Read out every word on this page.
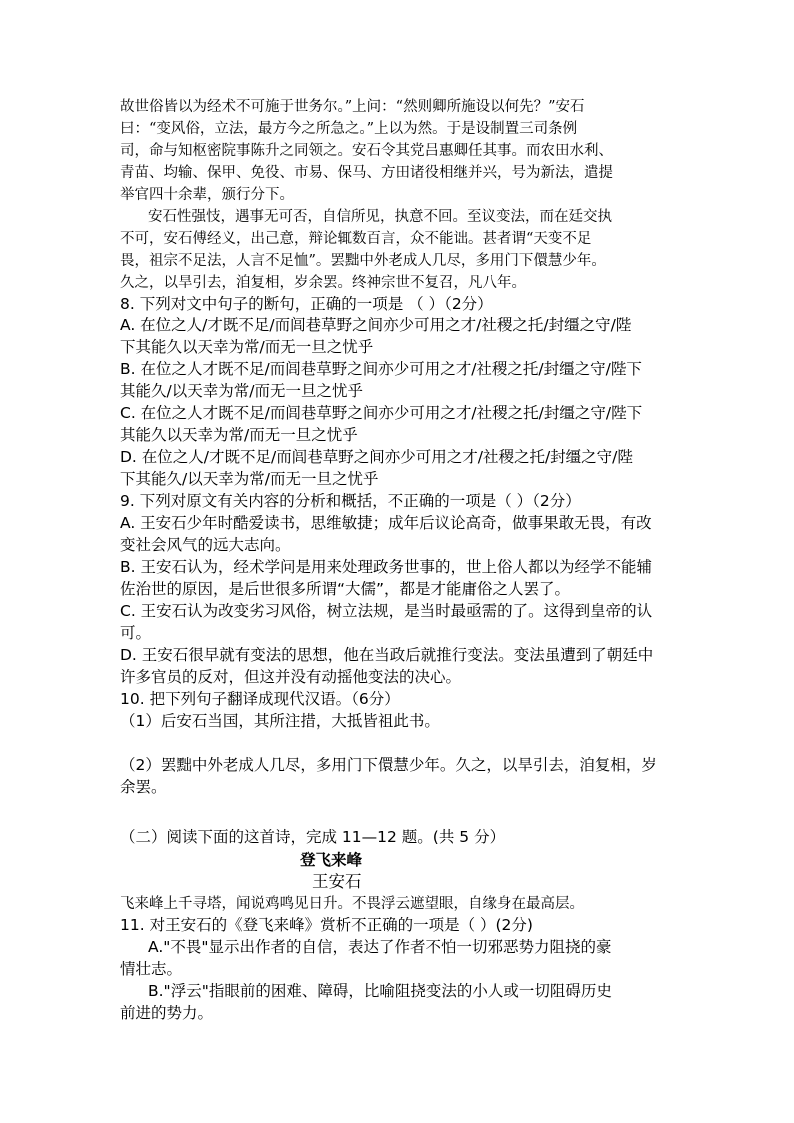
故世俗皆以为经术不可施于世务尔。”上问：“然则卿所施设以何先？”安石
曰：“变风俗，立法，最方今之所急之。”上以为然。于是设制置三司条例
司，命与知枢密院事陈升之同领之。安石令其党吕惠卿任其事。而农田水利、
青苗、均输、保甲、免役、市易、保马、方田诸役相继并兴，号为新法，遣提
举官四十余辈，颁行分下。
安石性强忮，遇事无可否，自信所见，执意不回。至议变法，而在廷交执
不可，安石傅经义，出己意，辩论辄数百言，众不能诎。甚者谓“天变不足
畏，祖宗不足法，人言不足恤”。罢黜中外老成人几尽，多用门下儇慧少年。
久之，以旱引去，洎复相，岁余罢。终神宗世不复召，凡八年。
8. 下列对文中句子的断句，正确的一项是 （ ）（2分）
A. 在位之人/才既不足/而闾巷草野之间亦少可用之才/社稷之托/封缰之守/陛
下其能久以天幸为常/而无一旦之忧乎
B. 在位之人才既不足/而闾巷草野之间亦少可用之才/社稷之托/封缰之守/陛下
其能久/以天幸为常/而无一旦之忧乎
C. 在位之人才既不足/而闾巷草野之间亦少可用之才/社稷之托/封缰之守/陛下
其能久以天幸为常/而无一旦之忧乎
D. 在位之人/才既不足/而闾巷草野之间亦少可用之才/社稷之托/封缰之守/陛
下其能久/以天幸为常/而无一旦之忧乎
9. 下列对原文有关内容的分析和概括，不正确的一项是（ ）（2分）
A. 王安石少年时酷爱读书，思维敏捷；成年后议论高奇，做事果敢无畏，有改
变社会风气的远大志向。
B. 王安石认为，经术学问是用来处理政务世事的，世上俗人都以为经学不能辅
佐治世的原因，是后世很多所谓“大儒”，都是才能庸俗之人罢了。
C. 王安石认为改变劣习风俗，树立法规，是当时最亟需的了。这得到皇帝的认
可。
D. 王安石很早就有变法的思想，他在当政后就推行变法。变法虽遭到了朝廷中
许多官员的反对，但这并没有动摇他变法的决心。
10. 把下列句子翻译成现代汉语。（6分）
（1）后安石当国，其所注措，大抵皆祖此书。
（2）罢黜中外老成人几尽，多用门下儇慧少年。久之，以旱引去，洎复相，岁
余罢。
（二）阅读下面的这首诗，完成 11—12 题。(共 5 分）
登飞来峰
王安石
飞来峰上千寻塔，闻说鸡鸣见日升。不畏浮云遮望眼，自缘身在最高层。
11. 对王安石的《登飞来峰》赏析不正确的一项是（ ）(2分)
A."不畏"显示出作者的自信，表达了作者不怕一切邪恶势力阻挠的豪
情壮志。
B."浮云"指眼前的困难、障碍，比喻阻挠变法的小人或一切阻碍历史
前进的势力。
